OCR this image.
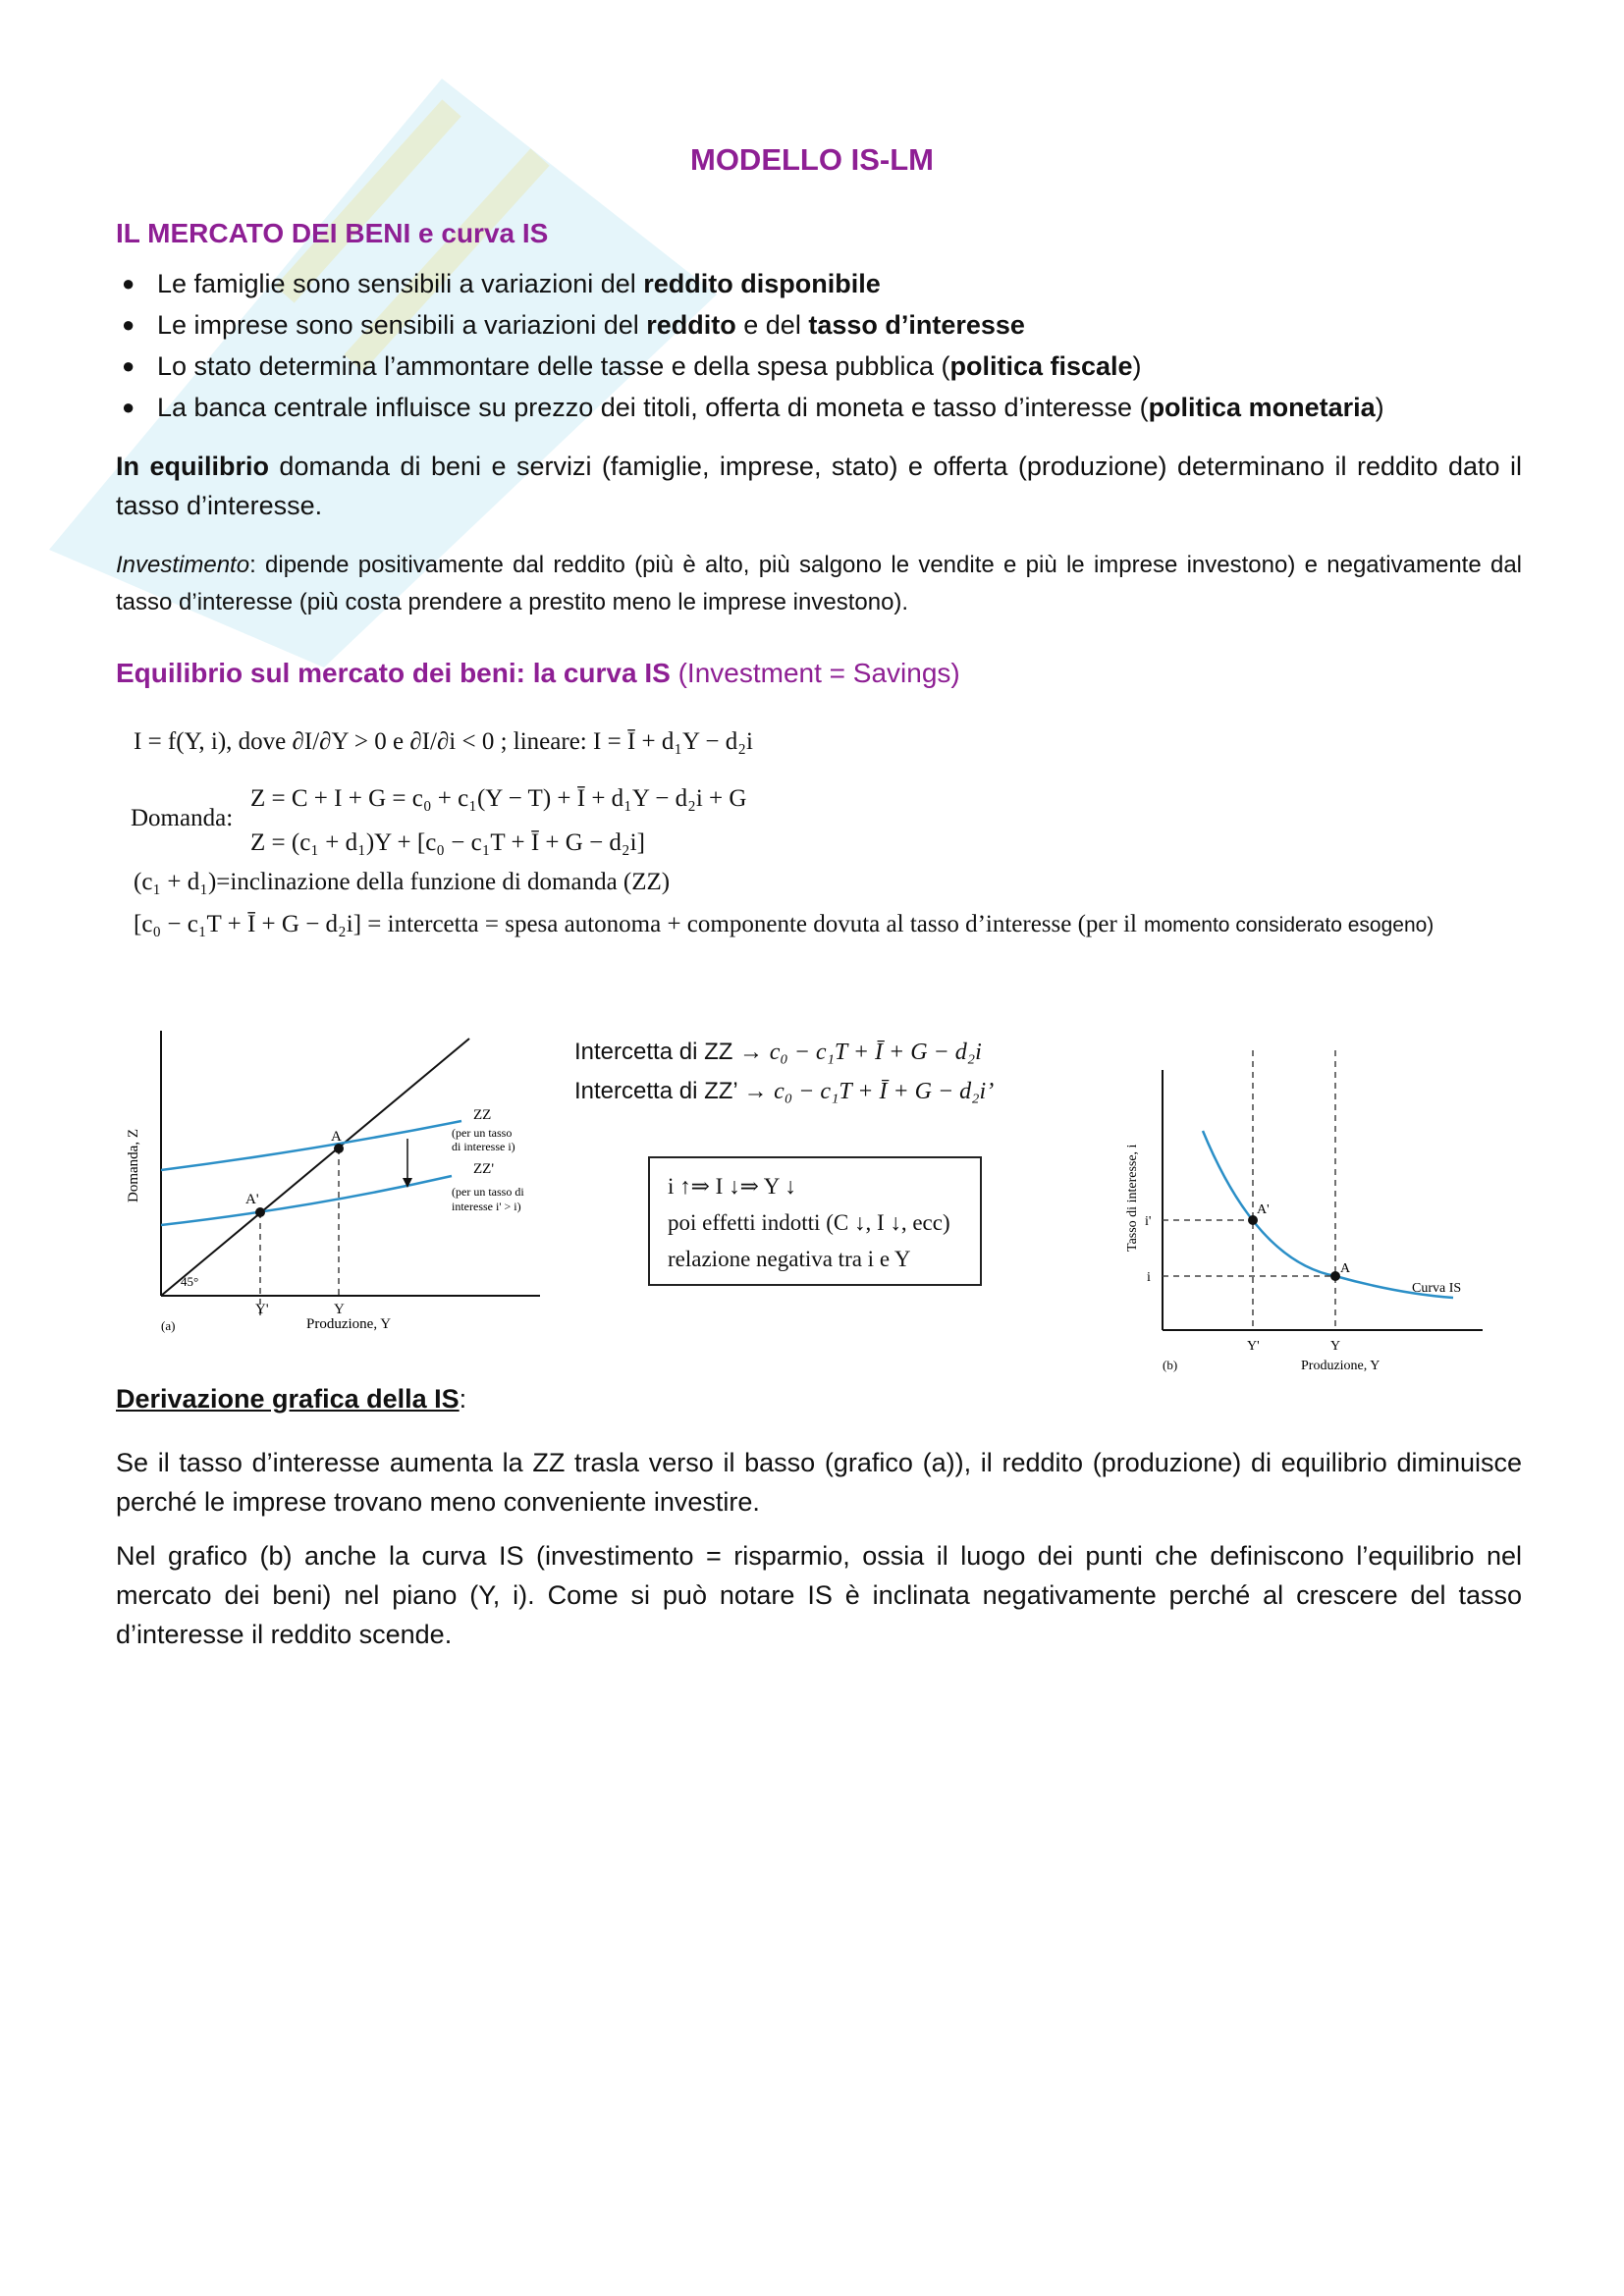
MODELLO IS-LM
IL MERCATO DEI BENI e curva IS
● Le famiglie sono sensibili a variazioni del reddito disponibile
● Le imprese sono sensibili a variazioni del reddito e del tasso d’interesse
● Lo stato determina l’ammontare delle tasse e della spesa pubblica (politica fiscale)
● La banca centrale influisce su prezzo dei titoli, offerta di moneta e tasso d’interesse (politica monetaria)
In equilibrio domanda di beni e servizi (famiglie, imprese, stato) e offerta (produzione) determinano il reddito dato il tasso d’interesse.
Investimento: dipende positivamente dal reddito (più è alto, più salgono le vendite e più le imprese investono) e negativamente dal tasso d’interesse (più costa prendere a prestito meno le imprese investono).
Equilibrio sul mercato dei beni: la curva IS (Investment = Savings)
I = f(Y, i), dove ∂I/∂Y > 0 e ∂I/∂i < 0 ; lineare: I = Ī + d₁Y − d₂i
Domanda:
Z = C + I + G = c₀ + c₁(Y − T) + Ī + d₁Y − d₂i + G
Z = (c₁ + d₁)Y + [c₀ − c₁T + Ī + G − d₂i]
(c₁ + d₁)=inclinazione della funzione di domanda (ZZ)
[c₀ − c₁T + Ī + G − d₂i] = intercetta = spesa autonoma + componente dovuta al tasso d’interesse (per il momento considerato esogeno)
Domanda, Z
Produzione, Y
(a)
45°
A
A'
Y
Y'
ZZ
(per un tasso
di interesse i)
ZZ'
(per un tasso di
interesse i' > i)
Intercetta di ZZ → c₀ − c₁T + Ī + G − d₂i
Intercetta di ZZ’ → c₀ − c₁T + Ī + G − d₂i’
i ↑⇒ I ↓⇒ Y ↓
poi effetti indotti (C ↓, I ↓, ecc)
relazione negativa tra i e Y
Tasso di interesse, i
Produzione, Y
(b)
Curva IS
A
A'
i
i'
Y
Y'
Derivazione grafica della IS:
Se il tasso d’interesse aumenta la ZZ trasla verso il basso (grafico (a)), il reddito (produzione) di equilibrio diminuisce perché le imprese trovano meno conveniente investire.
Nel grafico (b) anche la curva IS (investimento = risparmio, ossia il luogo dei punti che definiscono l’equilibrio nel mercato dei beni) nel piano (Y, i). Come si può notare IS è inclinata negativamente perché al crescere del tasso d’interesse il reddito scende.
